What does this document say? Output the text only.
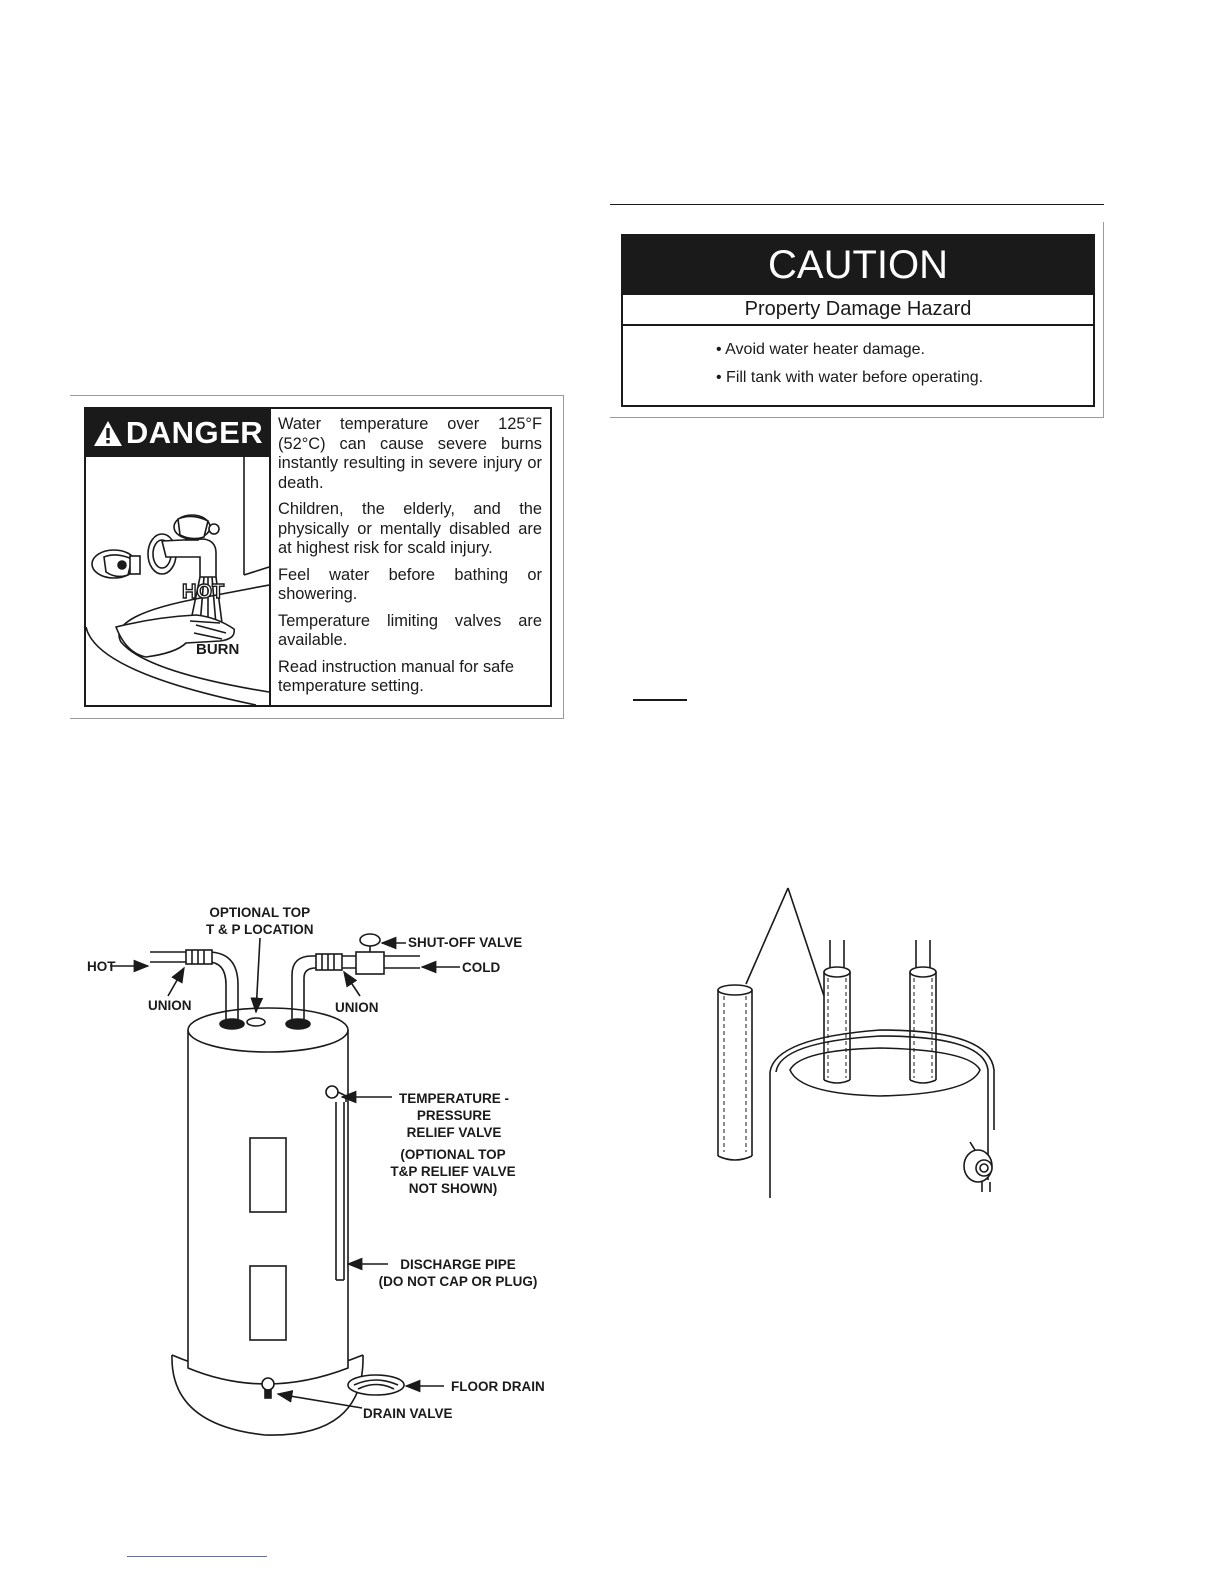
DANGER
HOT
BURN

Water temperature over 125°F (52°C) can cause severe burns instantly resulting in severe injury or death.

Children, the elderly, and the physically or mentally disabled are at highest risk for scald injury.

Feel water before bathing or showering.

Temperature limiting valves are available.

Read instruction manual for safe temperature setting.

CAUTION
Property Damage Hazard
• Avoid water heater damage.
• Fill tank with water before operating.
OPTIONAL TOP
T & P LOCATION
SHUT-OFF VALVE
HOT	COLD
UNION	UNION
TEMPERATURE -
PRESSURE
RELIEF VALVE
(OPTIONAL TOP
T&P RELIEF VALVE
NOT SHOWN)
DISCHARGE PIPE
(DO NOT CAP OR PLUG)
FLOOR DRAIN
DRAIN VALVE
